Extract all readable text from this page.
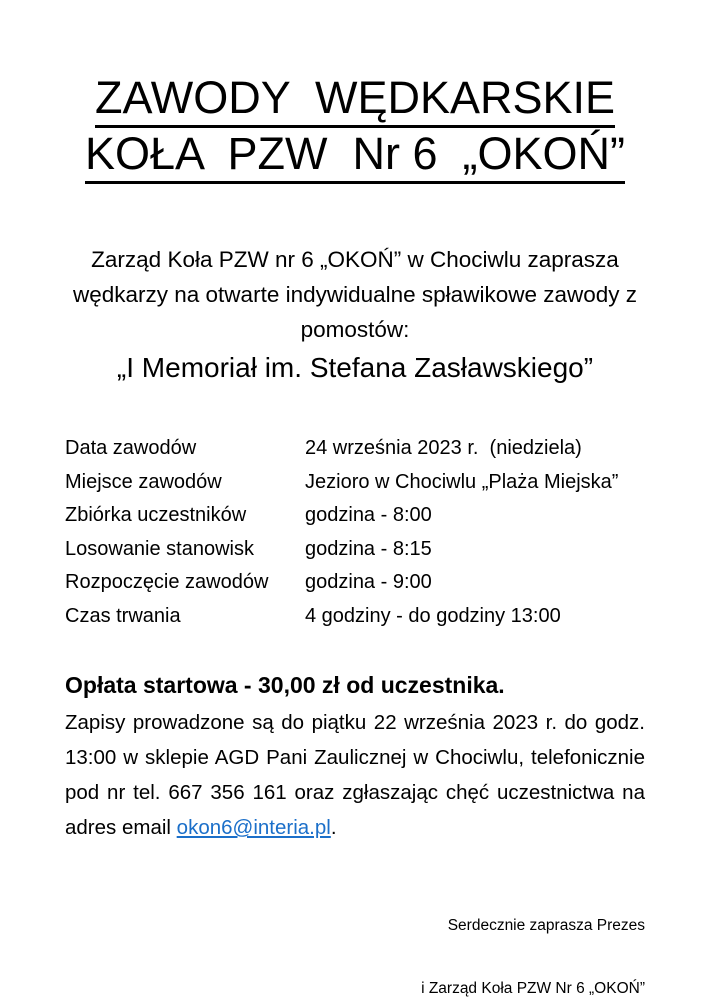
ZAWODY  WĘDKARSKIE
KOŁA  PZW  Nr 6  „OKOŃ”
Zarząd Koła PZW nr 6 „OKOŃ” w Chociwlu zaprasza wędkarzy na otwarte indywidualne spławikowe zawody z pomostów:
„I Memoriał im. Stefana Zasławskiego”
Data zawodów	24 września 2023 r.  (niedziela)
Miejsce zawodów	Jezioro w Chociwlu „Plaża Miejska”
Zbiórka uczestników	godzina - 8:00
Losowanie stanowisk	godzina - 8:15
Rozpoczęcie zawodów	godzina - 9:00
Czas trwania	4 godziny - do godziny 13:00
Opłata startowa - 30,00 zł od uczestnika.
Zapisy prowadzone są do piątku 22 września 2023 r. do godz. 13:00 w sklepie AGD Pani Zaulicznej w Chociwlu, telefonicznie pod nr tel. 667 356 161 oraz zgłaszając chęć uczestnictwa na adres email okon6@interia.pl.

Serdecznie zaprasza Prezes

i Zarząd Koła PZW Nr 6 „OKOŃ”
